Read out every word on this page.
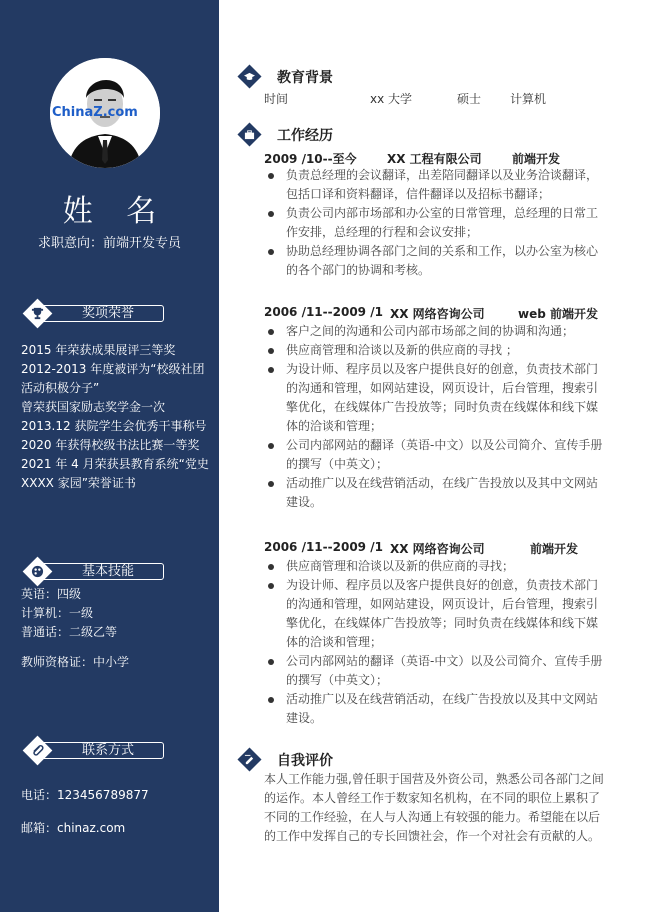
ChinaZ.com
姓 名
求职意向：前端开发专员
奖项荣誉
2015 年荣获成果展评三等奖
2012-2013 年度被评为“校级社团活动积极分子”
曾荣获国家励志奖学金一次
2013.12 获院学生会优秀干事称号
2020 年获得校级书法比赛一等奖
2021 年 4 月荣获县教育系统“党史 XXXX 家园”荣誉证书
基本技能
英语：四级
计算机：一级
普通话：二级乙等
教师资格证：中小学
联系方式
电话：123456789877
邮箱：chinaz.com
教育背景
时间	xx 大学	硕士 计算机
工作经历
2009 /10--至今	XX 工程有限公司	前端开发
负责总经理的会议翻译，出差陪同翻译以及业务洽谈翻译，包括口译和资料翻译，信件翻译以及招标书翻译；
负责公司内部市场部和办公室的日常管理，总经理的日常工作安排，总经理的行程和会议安排；
协助总经理协调各部门之间的关系和工作，以办公室为核心的各个部门的协调和考核。
2006 /11--2009 /1 XX 网络咨询公司	web 前端开发
客户之间的沟通和公司内部市场部之间的协调和沟通；
供应商管理和洽谈以及新的供应商的寻找 ；
为设计师、程序员以及客户提供良好的创意，负责技术部门的沟通和管理，如网站建设，网页设计，后台管理，搜索引擎优化，在线媒体广告投放等；同时负责在线媒体和线下媒体的洽谈和管理；
公司内部网站的翻译（英语-中文）以及公司简介、宣传手册的撰写（中英文）；
活动推广以及在线营销活动，在线广告投放以及其中文网站建设。
2006 /11--2009 /1 XX 网络咨询公司	前端开发
供应商管理和洽谈以及新的供应商的寻找；
为设计师、程序员以及客户提供良好的创意，负责技术部门的沟通和管理，如网站建设，网页设计，后台管理，搜索引擎优化，在线媒体广告投放等；同时负责在线媒体和线下媒体的洽谈和管理；
公司内部网站的翻译（英语-中文）以及公司简介、宣传手册的撰写（中英文）；
活动推广以及在线营销活动，在线广告投放以及其中文网站建设。
自我评价
本人工作能力强,曾任职于国营及外资公司，熟悉公司各部门之间的运作。本人曾经工作于数家知名机构，在不同的职位上累积了不同的工作经验，在人与人沟通上有较强的能力。希望能在以后的工作中发挥自己的专长回馈社会，作一个对社会有贡献的人。
